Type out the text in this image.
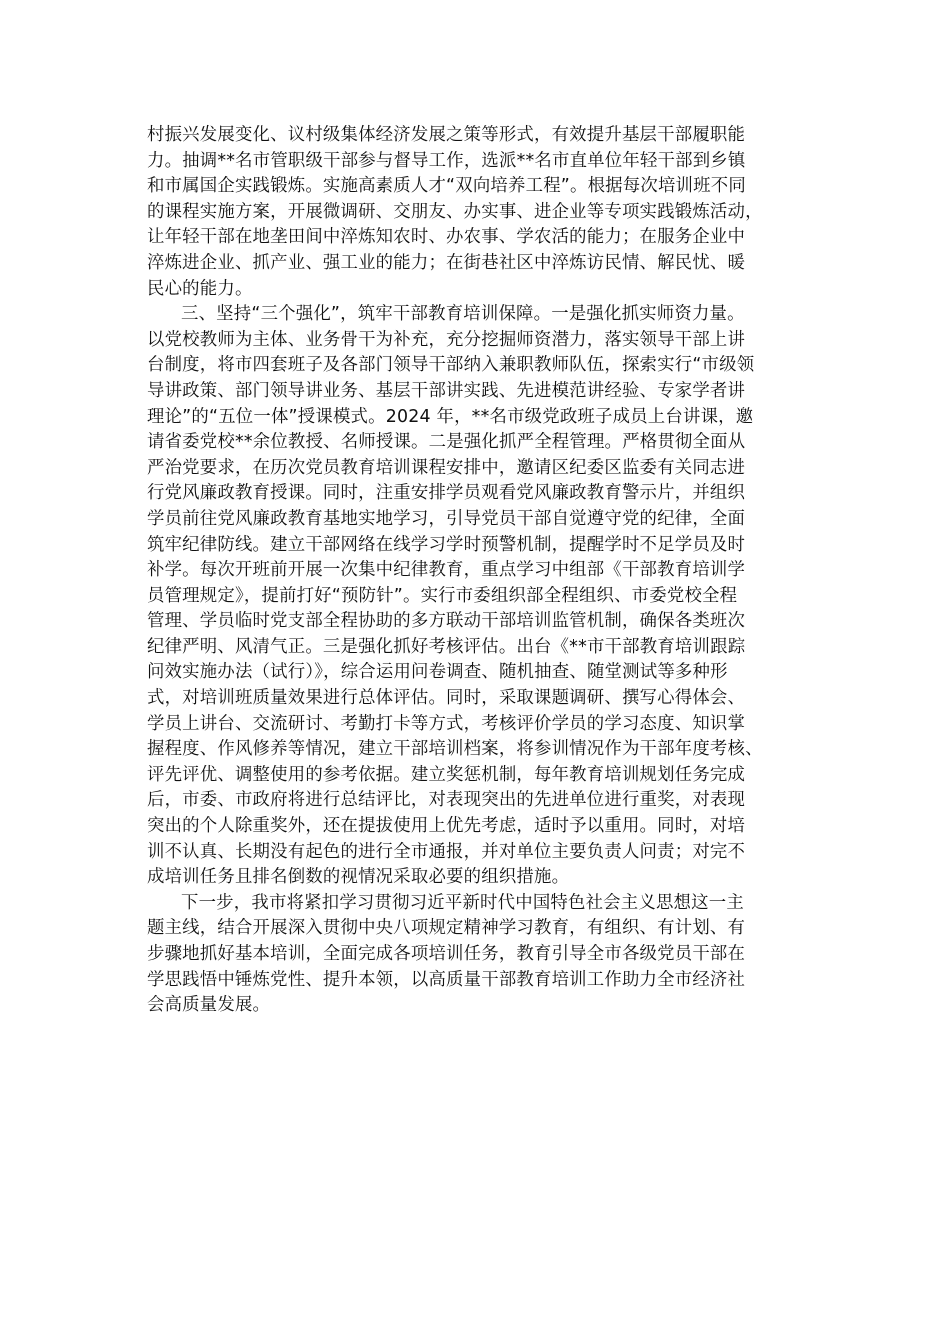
村振兴发展变化、议村级集体经济发展之策等形式，有效提升基层干部履职能
力。抽调**名市管职级干部参与督导工作，选派**名市直单位年轻干部到乡镇
和市属国企实践锻炼。实施高素质人才“双向培养工程”。根据每次培训班不同
的课程实施方案，开展微调研、交朋友、办实事、进企业等专项实践锻炼活动，
让年轻干部在地垄田间中淬炼知农时、办农事、学农活的能力；在服务企业中
淬炼进企业、抓产业、强工业的能力；在街巷社区中淬炼访民情、解民忧、暖
民心的能力。
三、坚持“三个强化”，筑牢干部教育培训保障。一是强化抓实师资力量。
以党校教师为主体、业务骨干为补充，充分挖掘师资潜力，落实领导干部上讲
台制度，将市四套班子及各部门领导干部纳入兼职教师队伍，探索实行“市级领
导讲政策、部门领导讲业务、基层干部讲实践、先进模范讲经验、专家学者讲
理论”的“五位一体”授课模式。2024 年，**名市级党政班子成员上台讲课，邀
请省委党校**余位教授、名师授课。二是强化抓严全程管理。严格贯彻全面从
严治党要求，在历次党员教育培训课程安排中，邀请区纪委区监委有关同志进
行党风廉政教育授课。同时，注重安排学员观看党风廉政教育警示片，并组织
学员前往党风廉政教育基地实地学习，引导党员干部自觉遵守党的纪律，全面
筑牢纪律防线。建立干部网络在线学习学时预警机制，提醒学时不足学员及时
补学。每次开班前开展一次集中纪律教育，重点学习中组部《干部教育培训学
员管理规定》，提前打好“预防针”。实行市委组织部全程组织、市委党校全程
管理、学员临时党支部全程协助的多方联动干部培训监管机制，确保各类班次
纪律严明、风清气正。三是强化抓好考核评估。出台《**市干部教育培训跟踪
问效实施办法（试行）》，综合运用问卷调查、随机抽查、随堂测试等多种形
式，对培训班质量效果进行总体评估。同时，采取课题调研、撰写心得体会、
学员上讲台、交流研讨、考勤打卡等方式，考核评价学员的学习态度、知识掌
握程度、作风修养等情况，建立干部培训档案，将参训情况作为干部年度考核、
评先评优、调整使用的参考依据。建立奖惩机制，每年教育培训规划任务完成
后，市委、市政府将进行总结评比，对表现突出的先进单位进行重奖，对表现
突出的个人除重奖外，还在提拔使用上优先考虑，适时予以重用。同时，对培
训不认真、长期没有起色的进行全市通报，并对单位主要负责人问责；对完不
成培训任务且排名倒数的视情况采取必要的组织措施。
下一步，我市将紧扣学习贯彻习近平新时代中国特色社会主义思想这一主
题主线，结合开展深入贯彻中央八项规定精神学习教育，有组织、有计划、有
步骤地抓好基本培训，全面完成各项培训任务，教育引导全市各级党员干部在
学思践悟中锤炼党性、提升本领，以高质量干部教育培训工作助力全市经济社
会高质量发展。
